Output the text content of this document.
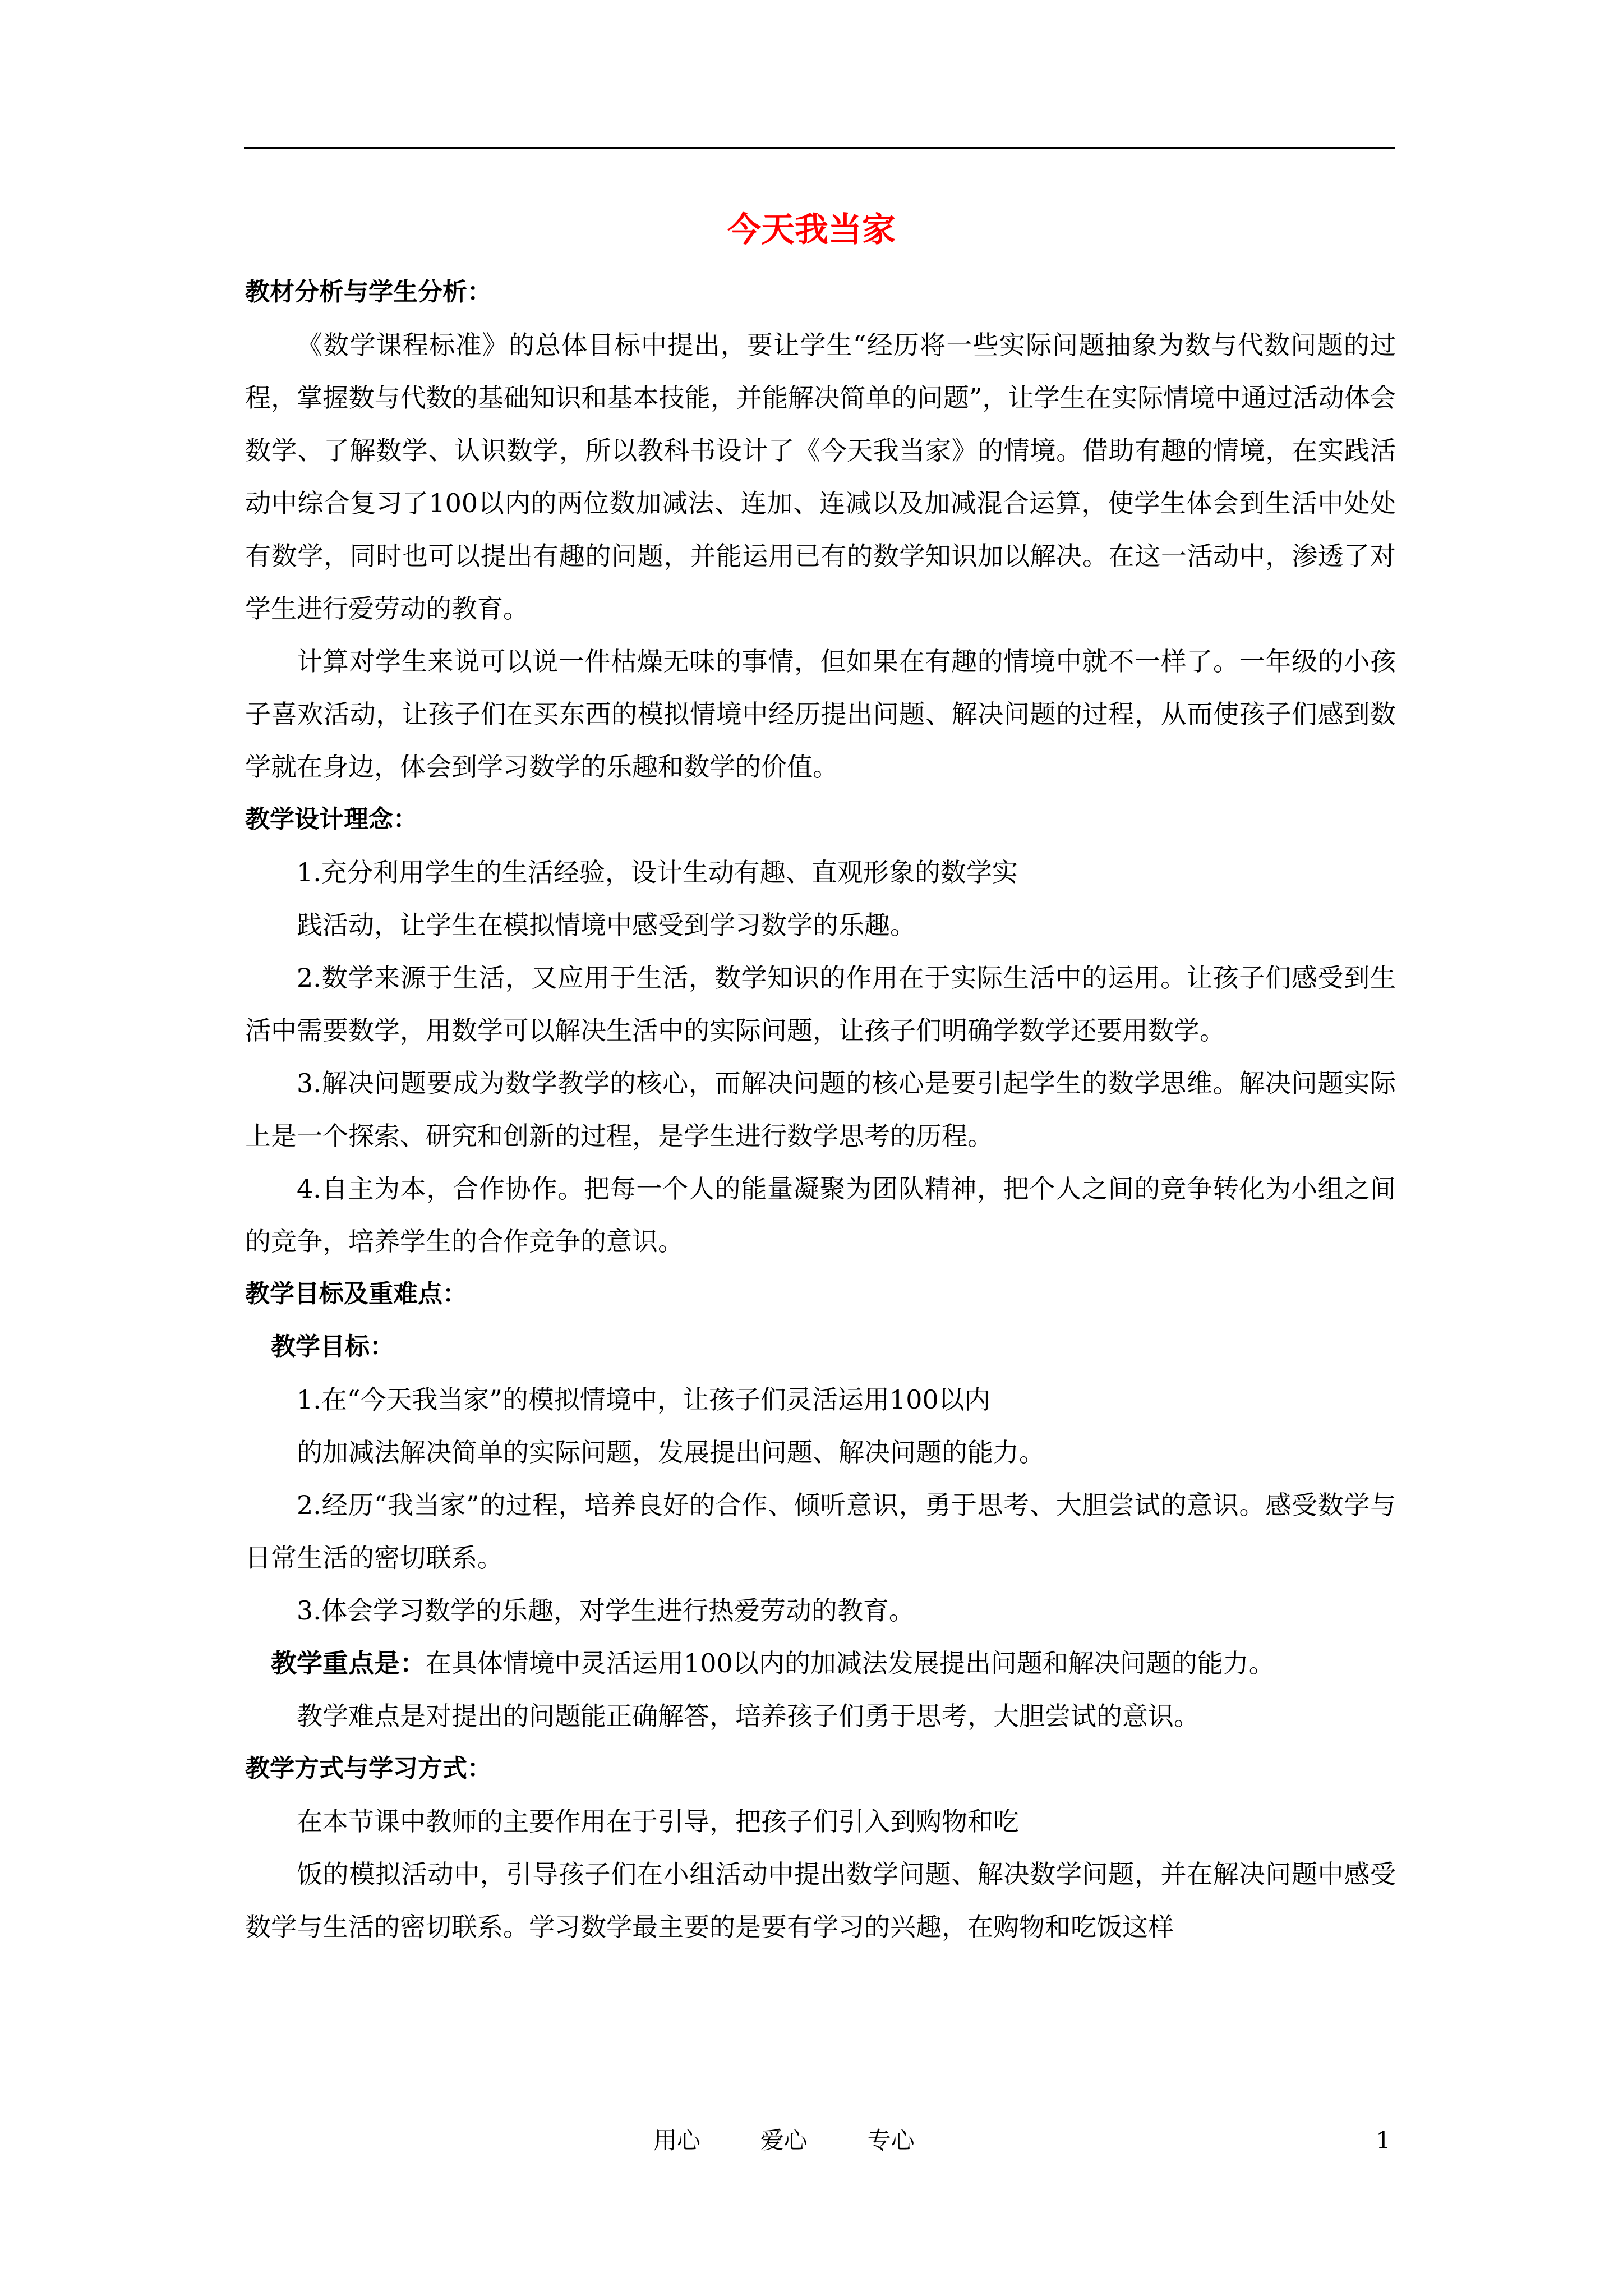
今天我当家

教材分析与学生分析：

《数学课程标准》的总体目标中提出，要让学生“经历将一些实际问题抽象为数与代数问题的过程，掌握数与代数的基础知识和基本技能，并能解决简单的问题”，让学生在实际情境中通过活动体会数学、了解数学、认识数学，所以教科书设计了《今天我当家》的情境。借助有趣的情境，在实践活动中综合复习了100以内的两位数加减法、连加、连减以及加减混合运算，使学生体会到生活中处处有数学，同时也可以提出有趣的问题，并能运用已有的数学知识加以解决。在这一活动中，渗透了对学生进行爱劳动的教育。

计算对学生来说可以说一件枯燥无味的事情，但如果在有趣的情境中就不一样了。一年级的小孩子喜欢活动，让孩子们在买东西的模拟情境中经历提出问题、解决问题的过程，从而使孩子们感到数学就在身边，体会到学习数学的乐趣和数学的价值。

教学设计理念：

1.充分利用学生的生活经验，设计生动有趣、直观形象的数学实

践活动，让学生在模拟情境中感受到学习数学的乐趣。

2.数学来源于生活，又应用于生活，数学知识的作用在于实际生活中的运用。让孩子们感受到生活中需要数学，用数学可以解决生活中的实际问题，让孩子们明确学数学还要用数学。

3.解决问题要成为数学教学的核心，而解决问题的核心是要引起学生的数学思维。解决问题实际上是一个探索、研究和创新的过程，是学生进行数学思考的历程。

4.自主为本，合作协作。把每一个人的能量凝聚为团队精神，把个人之间的竞争转化为小组之间的竞争，培养学生的合作竞争的意识。

教学目标及重难点：

教学目标：

1.在“今天我当家”的模拟情境中，让孩子们灵活运用100以内

的加减法解决简单的实际问题，发展提出问题、解决问题的能力。

2.经历“我当家”的过程，培养良好的合作、倾听意识，勇于思考、大胆尝试的意识。感受数学与日常生活的密切联系。

3.体会学习数学的乐趣，对学生进行热爱劳动的教育。

教学重点是：在具体情境中灵活运用100以内的加减法发展提出问题和解决问题的能力。

教学难点是对提出的问题能正确解答，培养孩子们勇于思考，大胆尝试的意识。

教学方式与学习方式：

在本节课中教师的主要作用在于引导，把孩子们引入到购物和吃

饭的模拟活动中，引导孩子们在小组活动中提出数学问题、解决数学问题，并在解决问题中感受数学与生活的密切联系。学习数学最主要的是要有学习的兴趣，在购物和吃饭这样

用心        爱心        专心	1
